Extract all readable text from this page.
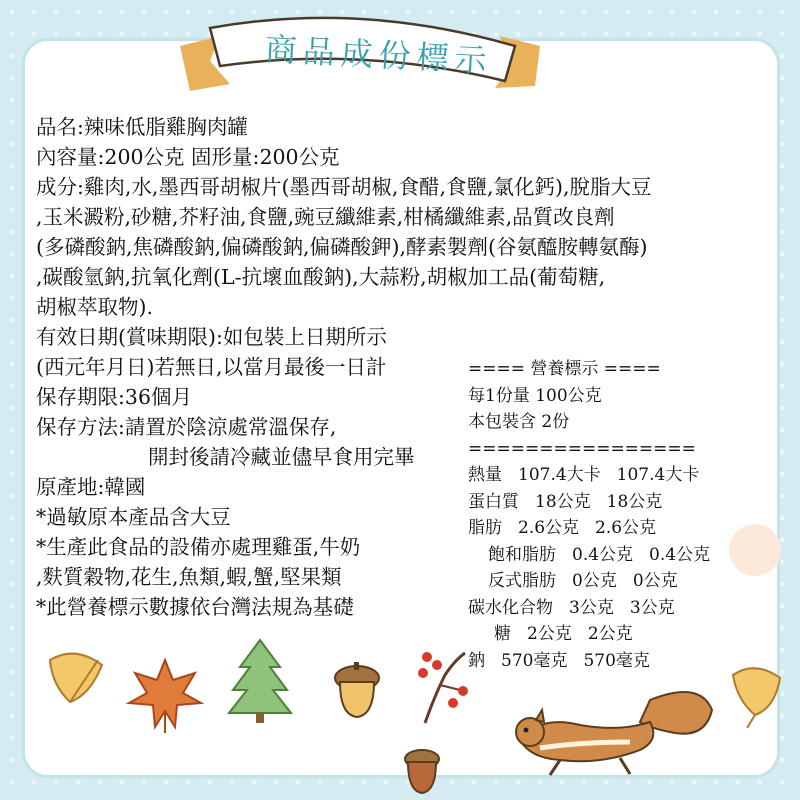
商品成份標示

品名:辣味低脂雞胸肉罐

內容量:200公克 固形量:200公克

成分:雞肉,水,墨西哥胡椒片(墨西哥胡椒,食醋,食鹽,氯化鈣),脫脂大豆

,玉米澱粉,砂糖,芥籽油,食鹽,豌豆纖維素,柑橘纖維素,品質改良劑

(多磷酸鈉,焦磷酸鈉,偏磷酸鈉,偏磷酸鉀),酵素製劑(谷氨醯胺轉氨酶)

,碳酸氫鈉,抗氧化劑(L-抗壞血酸鈉),大蒜粉,胡椒加工品(葡萄糖,

胡椒萃取物).

有效日期(賞味期限):如包裝上日期所示

(西元年月日)若無日,以當月最後一日計

保存期限:36個月

保存方法:請置於陰涼處常溫保存,

開封後請冷藏並儘早食用完畢

原產地:韓國

*過敏原本產品含大豆

*生產此食品的設備亦處理雞蛋,牛奶

,麩質穀物,花生,魚類,蝦,蟹,堅果類

*此營養標示數據依台灣法規為基礎

==== 營養標示 ====

每1份量 100公克

本包裝含 2份

================

熱量 107.4大卡 107.4大卡

蛋白質 18公克 18公克

脂肪 2.6公克 2.6公克

飽和脂肪 0.4公克 0.4公克

反式脂肪 0公克 0公克

碳水化合物 3公克 3公克

糖 2公克 2公克

鈉 570毫克 570毫克
